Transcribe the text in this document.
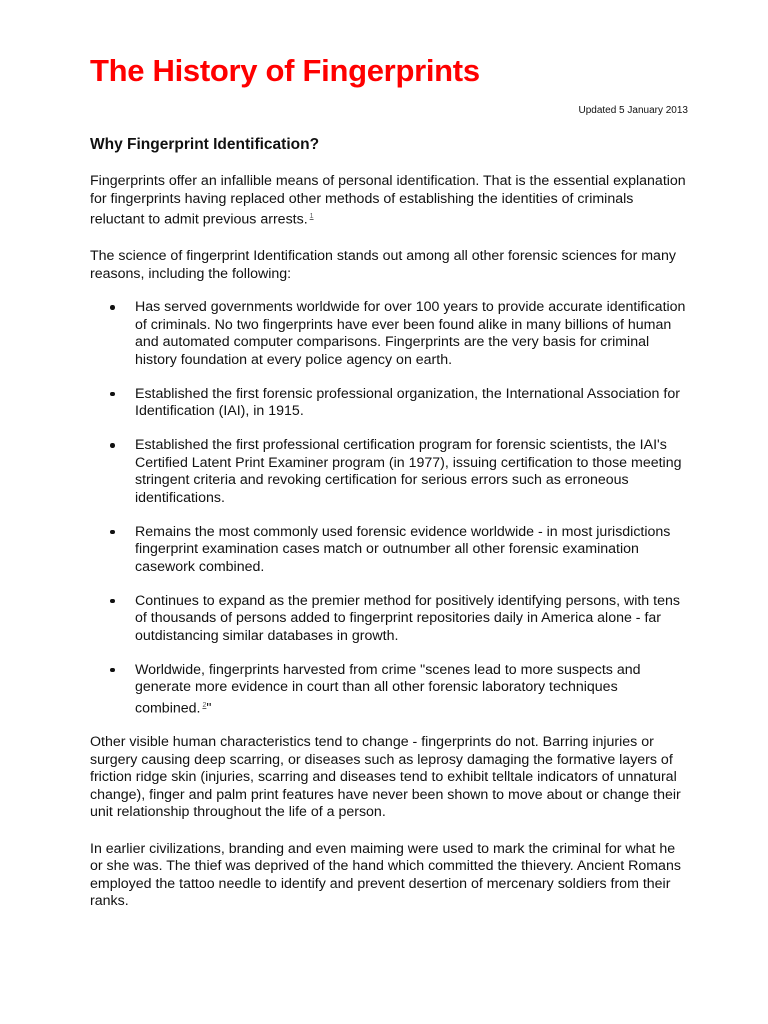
The History of Fingerprints
Updated 5 January 2013
Why Fingerprint Identification?

Fingerprints offer an infallible means of personal identification. That is the essential explanation for fingerprints having replaced other methods of establishing the identities of criminals reluctant to admit previous arrests. $^1$

The science of fingerprint Identification stands out among all other forensic sciences for many reasons, including the following:

Has served governments worldwide for over 100 years to provide accurate identification of criminals. No two fingerprints have ever been found alike in many billions of human and automated computer comparisons. Fingerprints are the very basis for criminal history foundation at every police agency on earth.
Established the first forensic professional organization, the International Association for Identification (IAI), in 1915.
Established the first professional certification program for forensic scientists, the IAI's Certified Latent Print Examiner program (in 1977), issuing certification to those meeting stringent criteria and revoking certification for serious errors such as erroneous identifications.
Remains the most commonly used forensic evidence worldwide - in most jurisdictions fingerprint examination cases match or outnumber all other forensic examination casework combined.
Continues to expand as the premier method for positively identifying persons, with tens of thousands of persons added to fingerprint repositories daily in America alone - far outdistancing similar databases in growth.
Worldwide, fingerprints harvested from crime "scenes lead to more suspects and generate more evidence in court than all other forensic laboratory techniques combined. $^2$"

Other visible human characteristics tend to change - fingerprints do not. Barring injuries or surgery causing deep scarring, or diseases such as leprosy damaging the formative layers of friction ridge skin (injuries, scarring and diseases tend to exhibit telltale indicators of unnatural change), finger and palm print features have never been shown to move about or change their unit relationship throughout the life of a person.

In earlier civilizations, branding and even maiming were used to mark the criminal for what he or she was. The thief was deprived of the hand which committed the thievery. Ancient Romans employed the tattoo needle to identify and prevent desertion of mercenary soldiers from their ranks.
